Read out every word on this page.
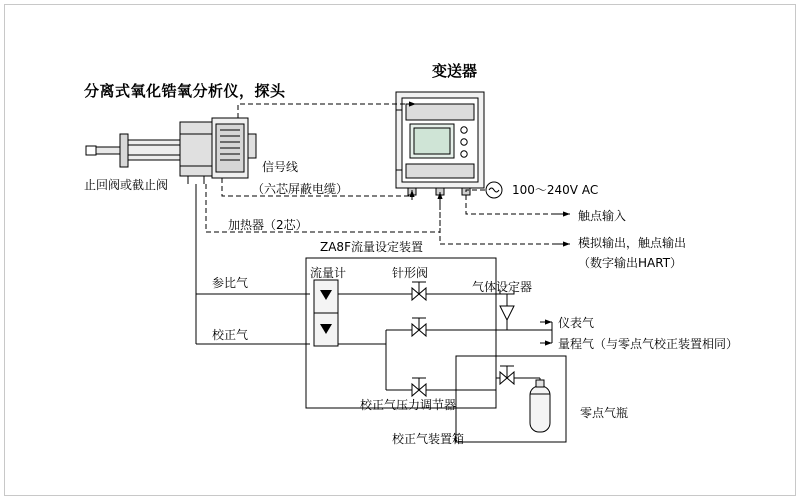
分离式氧化锆氧分析仪，探头
变送器
止回阀或截止阀
信号线
（六芯屏蔽电缆）
加热器（2芯）
100～240V AC
触点输入
模拟输出，触点输出
（数字输出HART）
ZA8F流量设定装置
流量计	针形阀
气体设定器
参比气
校正气
仪表气
量程气（与零点气校正装置相同）
校正气压力调节器
校正气装置箱
零点气瓶
